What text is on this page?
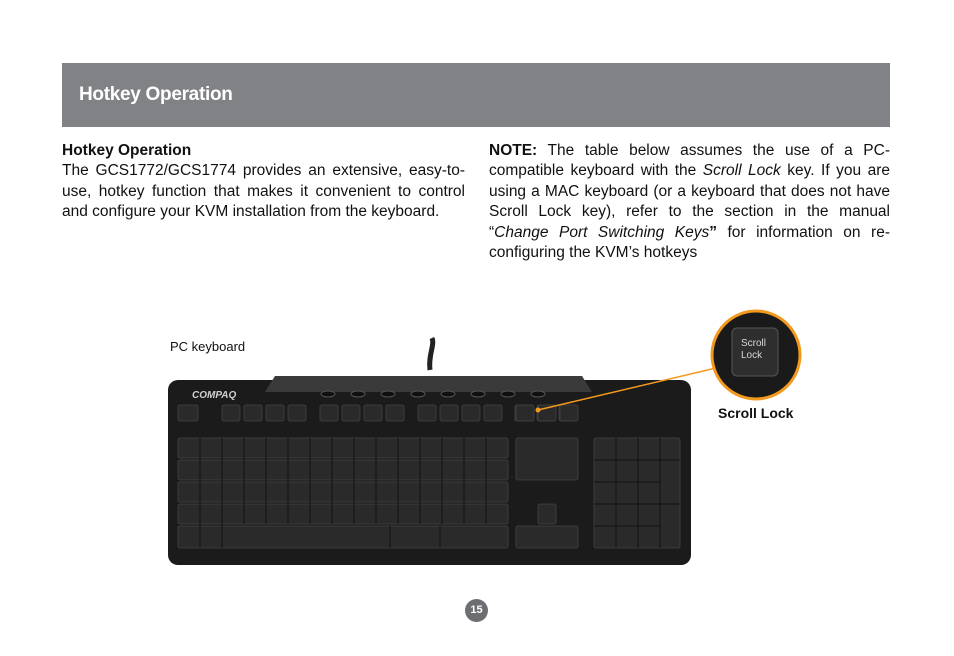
Hotkey Operation
Hotkey Operation
The GCS1772/GCS1774 provides an extensive, easy-to-use, hotkey function that makes it convenient to control and configure your KVM installation from the keyboard.
NOTE: The table below assumes the use of a PC-compatible keyboard with the Scroll Lock key. If you are using a MAC keyboard (or a keyboard that does not have Scroll Lock key), refer to the section in the manual “Change Port Switching Keys” for information on re-configuring the KVM’s hotkeys
PC keyboard
Scroll Lock
COMPAQ
Scroll
Lock
15
